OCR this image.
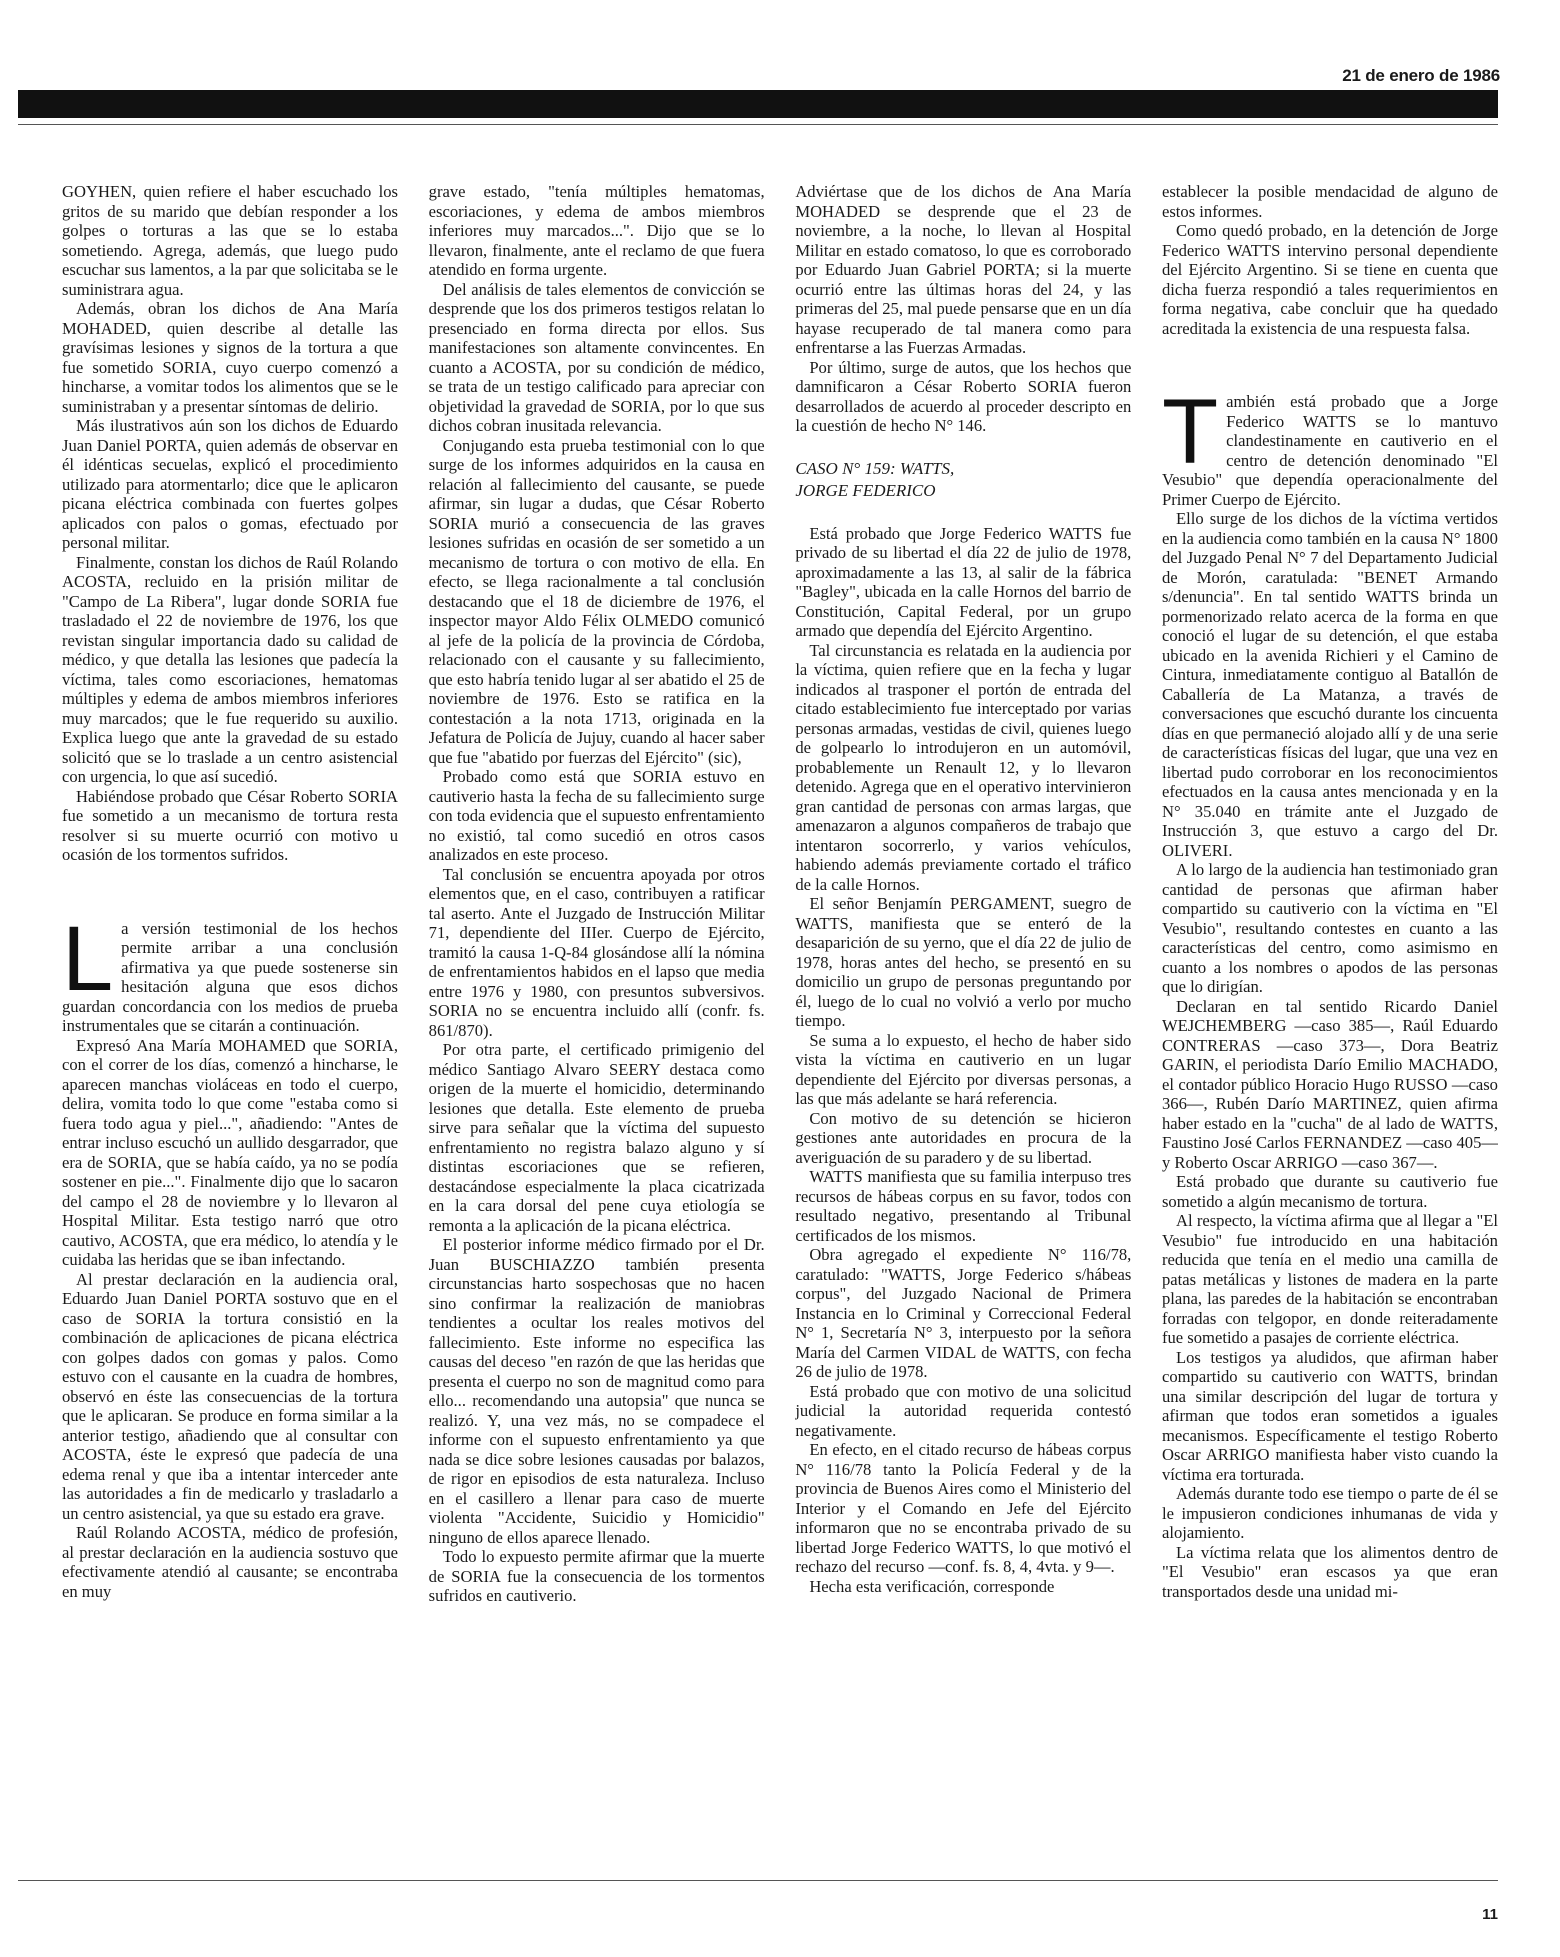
21 de enero de 1986

GOYHEN, quien refiere el haber escuchado los gritos de su marido que debían responder a los golpes o torturas a las que se lo estaba sometiendo. Agrega, además, que luego pudo escuchar sus lamentos, a la par que solicitaba se le suministrara agua.

Además, obran los dichos de Ana María MOHADED, quien describe al detalle las gravísimas lesiones y signos de la tortura a que fue sometido SORIA, cuyo cuerpo comenzó a hincharse, a vomitar todos los alimentos que se le suministraban y a presentar síntomas de delirio.

Más ilustrativos aún son los dichos de Eduardo Juan Daniel PORTA, quien además de observar en él idénticas secuelas, explicó el procedimiento utilizado para atormentarlo; dice que le aplicaron picana eléctrica combinada con fuertes golpes aplicados con palos o gomas, efectuado por personal militar.

Finalmente, constan los dichos de Raúl Rolando ACOSTA, recluido en la prisión militar de "Campo de La Ribera", lugar donde SORIA fue trasladado el 22 de noviembre de 1976, los que revistan singular importancia dado su calidad de médico, y que detalla las lesiones que padecía la víctima, tales como escoriaciones, hematomas múltiples y edema de ambos miembros inferiores muy marcados; que le fue requerido su auxilio. Explica luego que ante la gravedad de su estado solicitó que se lo traslade a un centro asistencial con urgencia, lo que así sucedió.

Habiéndose probado que César Roberto SORIA fue sometido a un mecanismo de tortura resta resolver si su muerte ocurrió con motivo u ocasión de los tormentos sufridos.

La versión testimonial de los hechos permite arribar a una conclusión afirmativa ya que puede sostenerse sin hesitación alguna que esos dichos guardan concordancia con los medios de prueba instrumentales que se citarán a continuación.

Expresó Ana María MOHAMED que SORIA, con el correr de los días, comenzó a hincharse, le aparecen manchas violáceas en todo el cuerpo, delira, vomita todo lo que come "estaba como si fuera todo agua y piel...", añadiendo: "Antes de entrar incluso escuchó un aullido desgarrador, que era de SORIA, que se había caído, ya no se podía sostener en pie...". Finalmente dijo que lo sacaron del campo el 28 de noviembre y lo llevaron al Hospital Militar. Esta testigo narró que otro cautivo, ACOSTA, que era médico, lo atendía y le cuidaba las heridas que se iban infectando.

Al prestar declaración en la audiencia oral, Eduardo Juan Daniel PORTA sostuvo que en el caso de SORIA la tortura consistió en la combinación de aplicaciones de picana eléctrica con golpes dados con gomas y palos. Como estuvo con el causante en la cuadra de hombres, observó en éste las consecuencias de la tortura que le aplicaran. Se produce en forma similar a la anterior testigo, añadiendo que al consultar con ACOSTA, éste le expresó que padecía de una edema renal y que iba a intentar interceder ante las autoridades a fin de medicarlo y trasladarlo a un centro asistencial, ya que su estado era grave.

Raúl Rolando ACOSTA, médico de profesión, al prestar declaración en la audiencia sostuvo que efectivamente atendió al causante; se encontraba en muy

grave estado, "tenía múltiples hematomas, escoriaciones, y edema de ambos miembros inferiores muy marcados...". Dijo que se lo llevaron, finalmente, ante el reclamo de que fuera atendido en forma urgente.

Del análisis de tales elementos de convicción se desprende que los dos primeros testigos relatan lo presenciado en forma directa por ellos. Sus manifestaciones son altamente convincentes. En cuanto a ACOSTA, por su condición de médico, se trata de un testigo calificado para apreciar con objetividad la gravedad de SORIA, por lo que sus dichos cobran inusitada relevancia.

Conjugando esta prueba testimonial con lo que surge de los informes adquiridos en la causa en relación al fallecimiento del causante, se puede afirmar, sin lugar a dudas, que César Roberto SORIA murió a consecuencia de las graves lesiones sufridas en ocasión de ser sometido a un mecanismo de tortura o con motivo de ella. En efecto, se llega racionalmente a tal conclusión destacando que el 18 de diciembre de 1976, el inspector mayor Aldo Félix OLMEDO comunicó al jefe de la policía de la provincia de Córdoba, relacionado con el causante y su fallecimiento, que esto habría tenido lugar al ser abatido el 25 de noviembre de 1976. Esto se ratifica en la contestación a la nota 1713, originada en la Jefatura de Policía de Jujuy, cuando al hacer saber que fue "abatido por fuerzas del Ejército" (sic),

Probado como está que SORIA estuvo en cautiverio hasta la fecha de su fallecimiento surge con toda evidencia que el supuesto enfrentamiento no existió, tal como sucedió en otros casos analizados en este proceso.

Tal conclusión se encuentra apoyada por otros elementos que, en el caso, contribuyen a ratificar tal aserto. Ante el Juzgado de Instrucción Militar 71, dependiente del IIIer. Cuerpo de Ejército, tramitó la causa 1-Q-84 glosándose allí la nómina de enfrentamientos habidos en el lapso que media entre 1976 y 1980, con presuntos subversivos. SORIA no se encuentra incluido allí (confr. fs. 861/870).

Por otra parte, el certificado primigenio del médico Santiago Alvaro SEERY destaca como origen de la muerte el homicidio, determinando lesiones que detalla. Este elemento de prueba sirve para señalar que la víctima del supuesto enfrentamiento no registra balazo alguno y sí distintas escoriaciones que se refieren, destacándose especialmente la placa cicatrizada en la cara dorsal del pene cuya etiología se remonta a la aplicación de la picana eléctrica.

El posterior informe médico firmado por el Dr. Juan BUSCHIAZZO también presenta circunstancias harto sospechosas que no hacen sino confirmar la realización de maniobras tendientes a ocultar los reales motivos del fallecimiento. Este informe no especifica las causas del deceso "en razón de que las heridas que presenta el cuerpo no son de magnitud como para ello... recomendando una autopsia" que nunca se realizó. Y, una vez más, no se compadece el informe con el supuesto enfrentamiento ya que nada se dice sobre lesiones causadas por balazos, de rigor en episodios de esta naturaleza. Incluso en el casillero a llenar para caso de muerte violenta "Accidente, Suicidio y Homicidio" ninguno de ellos aparece llenado.

Todo lo expuesto permite afirmar que la muerte de SORIA fue la consecuencia de los tormentos sufridos en cautiverio.

Adviértase que de los dichos de Ana María MOHADED se desprende que el 23 de noviembre, a la noche, lo llevan al Hospital Militar en estado comatoso, lo que es corroborado por Eduardo Juan Gabriel PORTA; si la muerte ocurrió entre las últimas horas del 24, y las primeras del 25, mal puede pensarse que en un día hayase recuperado de tal manera como para enfrentarse a las Fuerzas Armadas.

Por último, surge de autos, que los hechos que damnificaron a César Roberto SORIA fueron desarrollados de acuerdo al proceder descripto en la cuestión de hecho N° 146.

CASO N° 159: WATTS,
JORGE FEDERICO

Está probado que Jorge Federico WATTS fue privado de su libertad el día 22 de julio de 1978, aproximadamente a las 13, al salir de la fábrica "Bagley", ubicada en la calle Hornos del barrio de Constitución, Capital Federal, por un grupo armado que dependía del Ejército Argentino.

Tal circunstancia es relatada en la audiencia por la víctima, quien refiere que en la fecha y lugar indicados al trasponer el portón de entrada del citado establecimiento fue interceptado por varias personas armadas, vestidas de civil, quienes luego de golpearlo lo introdujeron en un automóvil, probablemente un Renault 12, y lo llevaron detenido. Agrega que en el operativo intervinieron gran cantidad de personas con armas largas, que amenazaron a algunos compañeros de trabajo que intentaron socorrerlo, y varios vehículos, habiendo además previamente cortado el tráfico de la calle Hornos.

El señor Benjamín PERGAMENT, suegro de WATTS, manifiesta que se enteró de la desaparición de su yerno, que el día 22 de julio de 1978, horas antes del hecho, se presentó en su domicilio un grupo de personas preguntando por él, luego de lo cual no volvió a verlo por mucho tiempo.

Se suma a lo expuesto, el hecho de haber sido vista la víctima en cautiverio en un lugar dependiente del Ejército por diversas personas, a las que más adelante se hará referencia.

Con motivo de su detención se hicieron gestiones ante autoridades en procura de la averiguación de su paradero y de su libertad.

WATTS manifiesta que su familia interpuso tres recursos de hábeas corpus en su favor, todos con resultado negativo, presentando al Tribunal certificados de los mismos.

Obra agregado el expediente N° 116/78, caratulado: "WATTS, Jorge Federico s/hábeas corpus", del Juzgado Nacional de Primera Instancia en lo Criminal y Correccional Federal N° 1, Secretaría N° 3, interpuesto por la señora María del Carmen VIDAL de WATTS, con fecha 26 de julio de 1978.

Está probado que con motivo de una solicitud judicial la autoridad requerida contestó negativamente.

En efecto, en el citado recurso de hábeas corpus N° 116/78 tanto la Policía Federal y de la provincia de Buenos Aires como el Ministerio del Interior y el Comando en Jefe del Ejército informaron que no se encontraba privado de su libertad Jorge Federico WATTS, lo que motivó el rechazo del recurso —conf. fs. 8, 4, 4vta. y 9—.

Hecha esta verificación, corresponde

establecer la posible mendacidad de alguno de estos informes.

Como quedó probado, en la detención de Jorge Federico WATTS intervino personal dependiente del Ejército Argentino. Si se tiene en cuenta que dicha fuerza respondió a tales requerimientos en forma negativa, cabe concluir que ha quedado acreditada la existencia de una respuesta falsa.

También está probado que a Jorge Federico WATTS se lo mantuvo clandestinamente en cautiverio en el centro de detención denominado "El Vesubio" que dependía operacionalmente del Primer Cuerpo de Ejército.

Ello surge de los dichos de la víctima vertidos en la audiencia como también en la causa N° 1800 del Juzgado Penal N° 7 del Departamento Judicial de Morón, caratulada: "BENET Armando s/denuncia". En tal sentido WATTS brinda un pormenorizado relato acerca de la forma en que conoció el lugar de su detención, el que estaba ubicado en la avenida Richieri y el Camino de Cintura, inmediatamente contiguo al Batallón de Caballería de La Matanza, a través de conversaciones que escuchó durante los cincuenta días en que permaneció alojado allí y de una serie de características físicas del lugar, que una vez en libertad pudo corroborar en los reconocimientos efectuados en la causa antes mencionada y en la N° 35.040 en trámite ante el Juzgado de Instrucción 3, que estuvo a cargo del Dr. OLIVERI.

A lo largo de la audiencia han testimoniado gran cantidad de personas que afirman haber compartido su cautiverio con la víctima en "El Vesubio", resultando contestes en cuanto a las características del centro, como asimismo en cuanto a los nombres o apodos de las personas que lo dirigían.

Declaran en tal sentido Ricardo Daniel WEJCHEMBERG —caso 385—, Raúl Eduardo CONTRERAS —caso 373—, Dora Beatriz GARIN, el periodista Darío Emilio MACHADO, el contador público Horacio Hugo RUSSO —caso 366—, Rubén Darío MARTINEZ, quien afirma haber estado en la "cucha" de al lado de WATTS, Faustino José Carlos FERNANDEZ —caso 405— y Roberto Oscar ARRIGO —caso 367—.

Está probado que durante su cautiverio fue sometido a algún mecanismo de tortura.

Al respecto, la víctima afirma que al llegar a "El Vesubio" fue introducido en una habitación reducida que tenía en el medio una camilla de patas metálicas y listones de madera en la parte plana, las paredes de la habitación se encontraban forradas con telgopor, en donde reiteradamente fue sometido a pasajes de corriente eléctrica.

Los testigos ya aludidos, que afirman haber compartido su cautiverio con WATTS, brindan una similar descripción del lugar de tortura y afirman que todos eran sometidos a iguales mecanismos. Específicamente el testigo Roberto Oscar ARRIGO manifiesta haber visto cuando la víctima era torturada.

Además durante todo ese tiempo o parte de él se le impusieron condiciones inhumanas de vida y alojamiento.

La víctima relata que los alimentos dentro de "El Vesubio" eran escasos ya que eran transportados desde una unidad mi-

11
